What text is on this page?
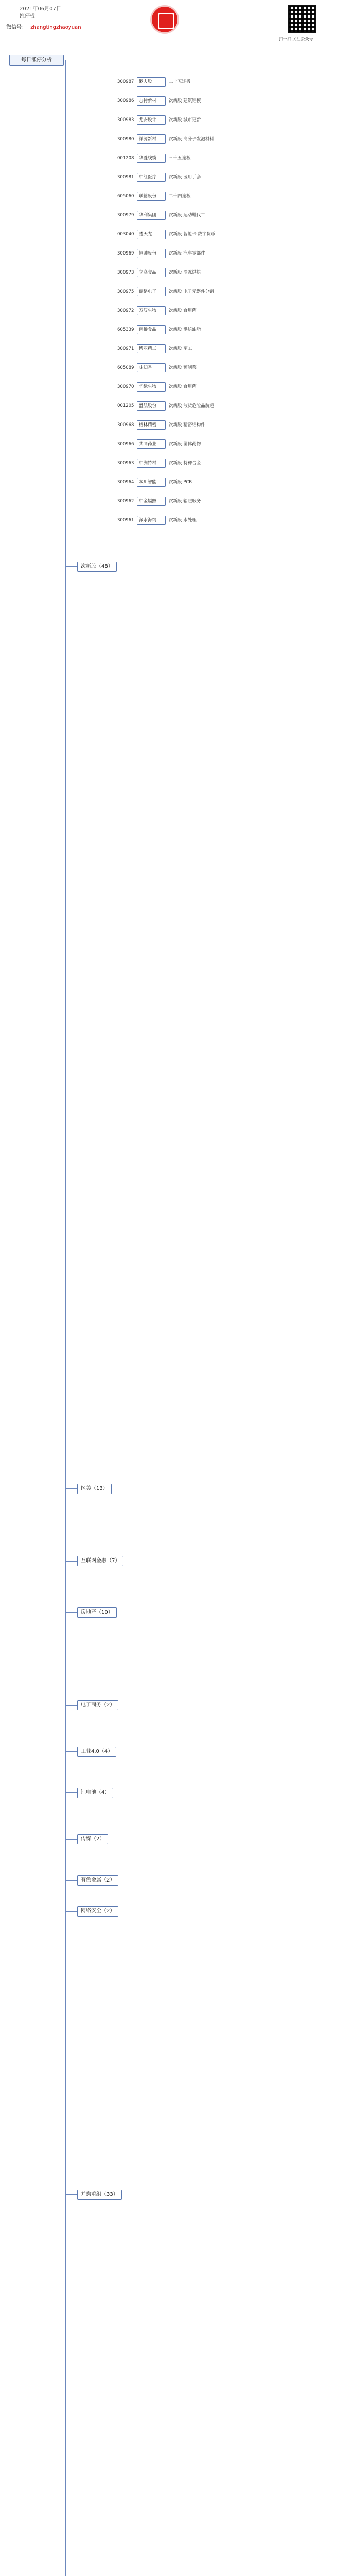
2021年06月07日
涨停板
微信号： zhangtingzhaoyuan
扫一扫 关注公众号
每日涨停分析
次新股（48）
医美（13）
互联网金融（7）
房地产（10）
电子商务（2）
工业4.0（4）
锂电池（4）
传媒（2）
有色金属（2）
网络安全（2）
并购重组（33）
300987 漱夫股	二十五连板
300986 志特新材	次新股 建筑铝模
300983 尤安设计	次新股 城市更新
300980 祥源新材	次新股 高分子发泡材料
001208 华菱线缆	三十五连板
300981 中红医疗	次新股 医用手套
605060 联德股份	二十四连板
300979 华利集团	次新股 运动鞋代工
003040 楚天龙	次新股 智能卡 数字货币
300969 恒帅股份	次新股 汽车零部件
300973 立高食品	次新股 冷冻烘焙
300975 商络电子	次新股 电子元器件分销
300972 万辰生物	次新股 食用菌
605339 南侨食品	次新股 烘焙油脂
300971 博亚精工	次新股 军工
605089 味知香	次新股 预制菜
300970 华绿生物	次新股 食用菌
001205 盛航股份	次新股 液货危险品航运
300968 格林精密	次新股 精密结构件
300966 共同药业	次新股 甾体药物
300963 中洲特材	次新股 特种合金
300964 本川智能	次新股 PCB
300962 中金辐照	次新股 辐照服务
300961 深水海纳	次新股 水处理
